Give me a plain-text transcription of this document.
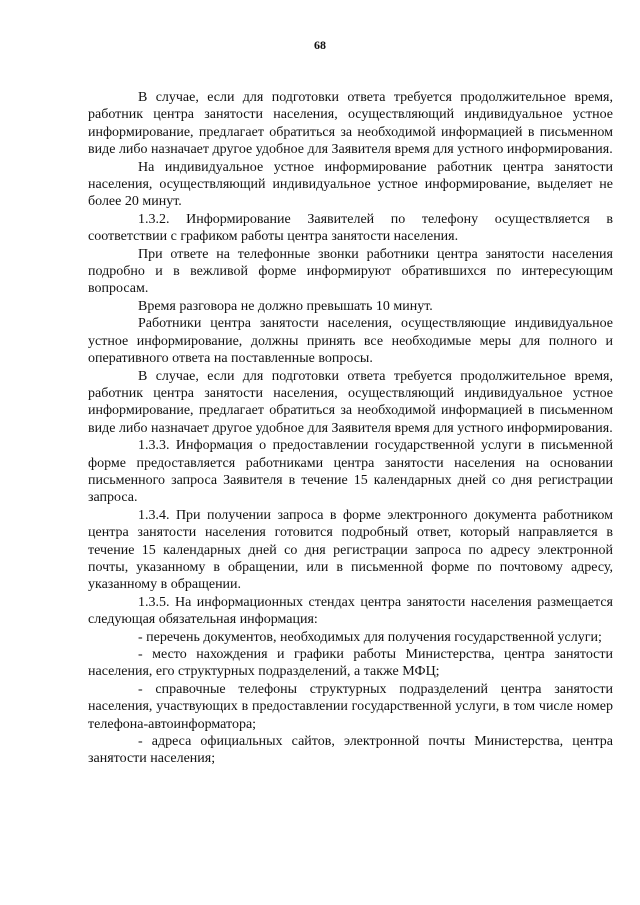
68

В случае, если для подготовки ответа требуется продолжительное время, работник центра занятости населения, осуществляющий индивидуальное устное информирование, предлагает обратиться за необходимой информацией в письменном виде либо назначает другое удобное для Заявителя время для устного информирования.

На индивидуальное устное информирование работник центра занятости населения, осуществляющий индивидуальное устное информирование, выделяет не более 20 минут.

1.3.2. Информирование Заявителей по телефону осуществляется в соответствии с графиком работы центра занятости населения.

При ответе на телефонные звонки работники центра занятости населения подробно и в вежливой форме информируют обратившихся по интересующим вопросам.

Время разговора не должно превышать 10 минут.

Работники центра занятости населения, осуществляющие индивидуальное устное информирование, должны принять все необходимые меры для полного и оперативного ответа на поставленные вопросы.

В случае, если для подготовки ответа требуется продолжительное время, работник центра занятости населения, осуществляющий индивидуальное устное информирование, предлагает обратиться за необходимой информацией в письменном виде либо назначает другое удобное для Заявителя время для устного информирования.

1.3.3. Информация о предоставлении государственной услуги в письменной форме предоставляется работниками центра занятости населения на основании письменного запроса Заявителя в течение 15 календарных дней со дня регистрации запроса.

1.3.4. При получении запроса в форме электронного документа работником центра занятости населения готовится подробный ответ, который направляется в течение 15 календарных дней со дня регистрации запроса по адресу электронной почты, указанному в обращении, или в письменной форме по почтовому адресу, указанному в обращении.

1.3.5. На информационных стендах центра занятости населения размещается следующая обязательная информация:

- перечень документов, необходимых для получения государственной услуги;

- место нахождения и графики работы Министерства, центра занятости населения, его структурных подразделений, а также МФЦ;

- справочные телефоны структурных подразделений центра занятости населения, участвующих в предоставлении государственной услуги, в том числе номер телефона-автоинформатора;

- адреса официальных сайтов, электронной почты Министерства, центра занятости населения;
